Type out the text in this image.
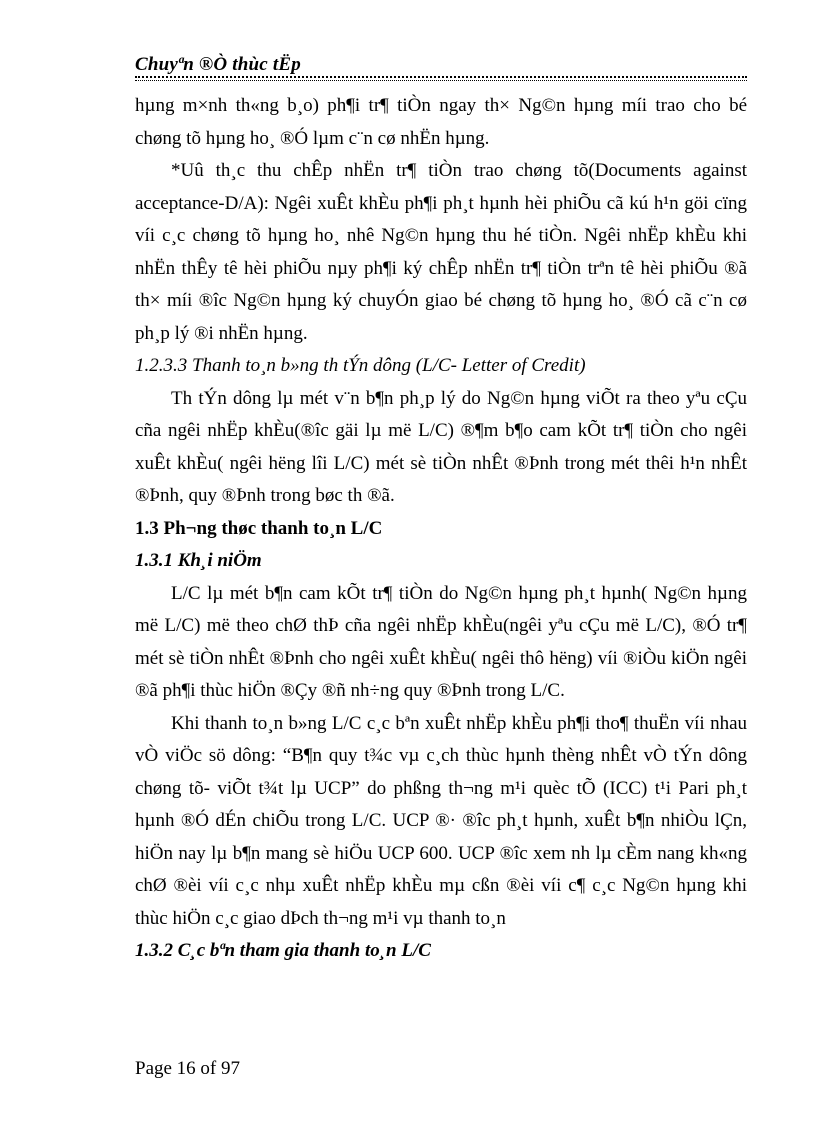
Chuyªn ®Ò thùc tËp

hµng m×nh th«ng b¸o) ph¶i tr¶ tiÒn ngay th× Ng©n hµng míi trao cho bé chøng tõ hµng ho¸ ®Ó lµm c¨n cø nhËn hµng.

*Uû th¸c thu chÊp nhËn tr¶ tiÒn trao chøng tõ(Documents against acceptance-D/A): Ngêi xuÊt khÈu ph¶i ph¸t hµnh hèi phiÕu cã kú h¹n göi cïng víi c¸c chøng tõ hµng ho¸ nhê Ng©n hµng thu hé tiÒn. Ngêi nhËp khÈu khi nhËn thÊy tê hèi phiÕu nµy ph¶i ký chÊp nhËn tr¶ tiÒn trªn tê hèi phiÕu ®ã th× míi ®îc Ng©n hµng ký chuyÓn giao bé chøng tõ hµng ho¸ ®Ó cã c¨n cø ph¸p lý ®i nhËn hµng.

1.2.3.3 Thanh to¸n b»ng th tÝn dông (L/C- Letter of Credit)

Th tÝn dông lµ mét v¨n b¶n ph¸p lý do Ng©n hµng viÕt ra theo yªu cÇu cña ngêi nhËp khÈu(®îc gäi lµ më L/C) ®¶m b¶o cam kÕt tr¶ tiÒn cho ngêi xuÊt khÈu( ngêi hëng lîi L/C) mét sè tiÒn nhÊt ®Þnh trong mét thêi h¹n nhÊt ®Þnh, quy ®Þnh trong bøc th ®ã.

1.3 Ph¬ng thøc thanh to¸n L/C

1.3.1 Kh¸i niÖm

L/C lµ mét b¶n cam kÕt tr¶ tiÒn do Ng©n hµng ph¸t hµnh( Ng©n hµng më L/C) më theo chØ thÞ cña ngêi nhËp khÈu(ngêi yªu cÇu më L/C), ®Ó tr¶ mét sè tiÒn nhÊt ®Þnh cho ngêi xuÊt khÈu( ngêi thô hëng) víi ®iÒu kiÖn ngêi ®ã ph¶i thùc hiÖn ®Çy ®ñ nh÷ng quy ®Þnh trong L/C.

Khi thanh to¸n b»ng L/C c¸c bªn xuÊt nhËp khÈu ph¶i tho¶ thuËn víi nhau vÒ viÖc sö dông: “B¶n quy t¾c vµ c¸ch thùc hµnh thèng nhÊt vÒ tÝn dông chøng tõ- viÕt t¾t lµ UCP” do phßng th¬ng m¹i quèc tÕ (ICC) t¹i Pari ph¸t hµnh ®Ó dÉn chiÕu trong L/C. UCP ®· ®îc ph¸t hµnh, xuÊt b¶n nhiÒu lÇn, hiÖn nay lµ b¶n mang sè hiÖu UCP 600. UCP ®îc xem nh lµ cÈm nang kh«ng chØ ®èi víi c¸c nhµ xuÊt nhËp khÈu mµ cßn ®èi víi c¶ c¸c Ng©n hµng khi thùc hiÖn c¸c giao dÞch th¬ng m¹i vµ thanh to¸n

1.3.2 C¸c bªn tham gia thanh to¸n L/C

Page 16 of 97
